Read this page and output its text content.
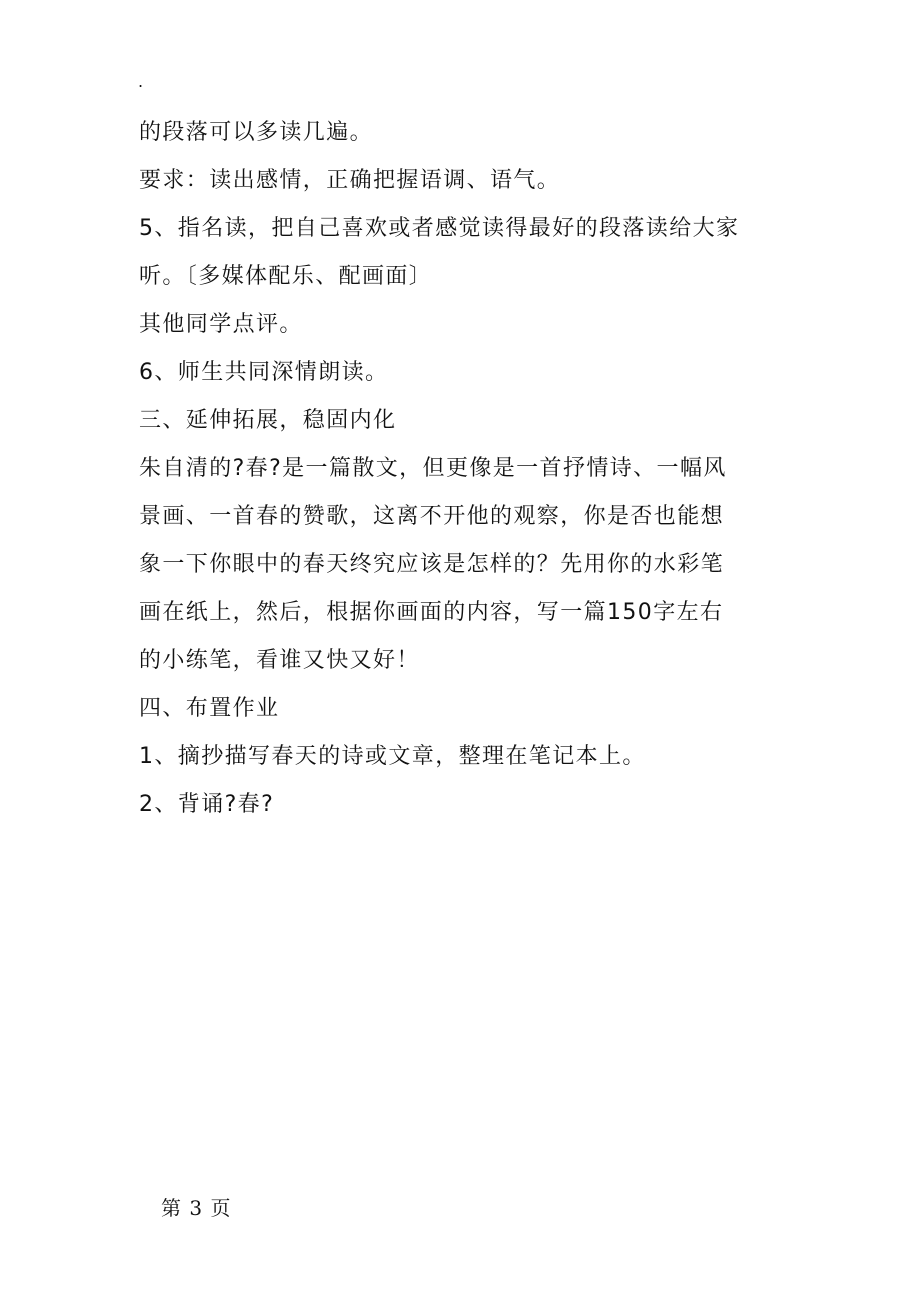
.
的段落可以多读几遍。
要求：读出感情，正确把握语调、语气。
5、指名读，把自己喜欢或者感觉读得最好的段落读给大家
听。〔多媒体配乐、配画面〕
其他同学点评。
6、师生共同深情朗读。
三、延伸拓展，稳固内化
朱自清的?春?是一篇散文，但更像是一首抒情诗、一幅风
景画、一首春的赞歌，这离不开他的观察，你是否也能想
象一下你眼中的春天终究应该是怎样的？先用你的水彩笔
画在纸上，然后，根据你画面的内容，写一篇150字左右
的小练笔，看谁又快又好！
四、布置作业
1、摘抄描写春天的诗或文章，整理在笔记本上。
2、背诵?春?
第 3 页
